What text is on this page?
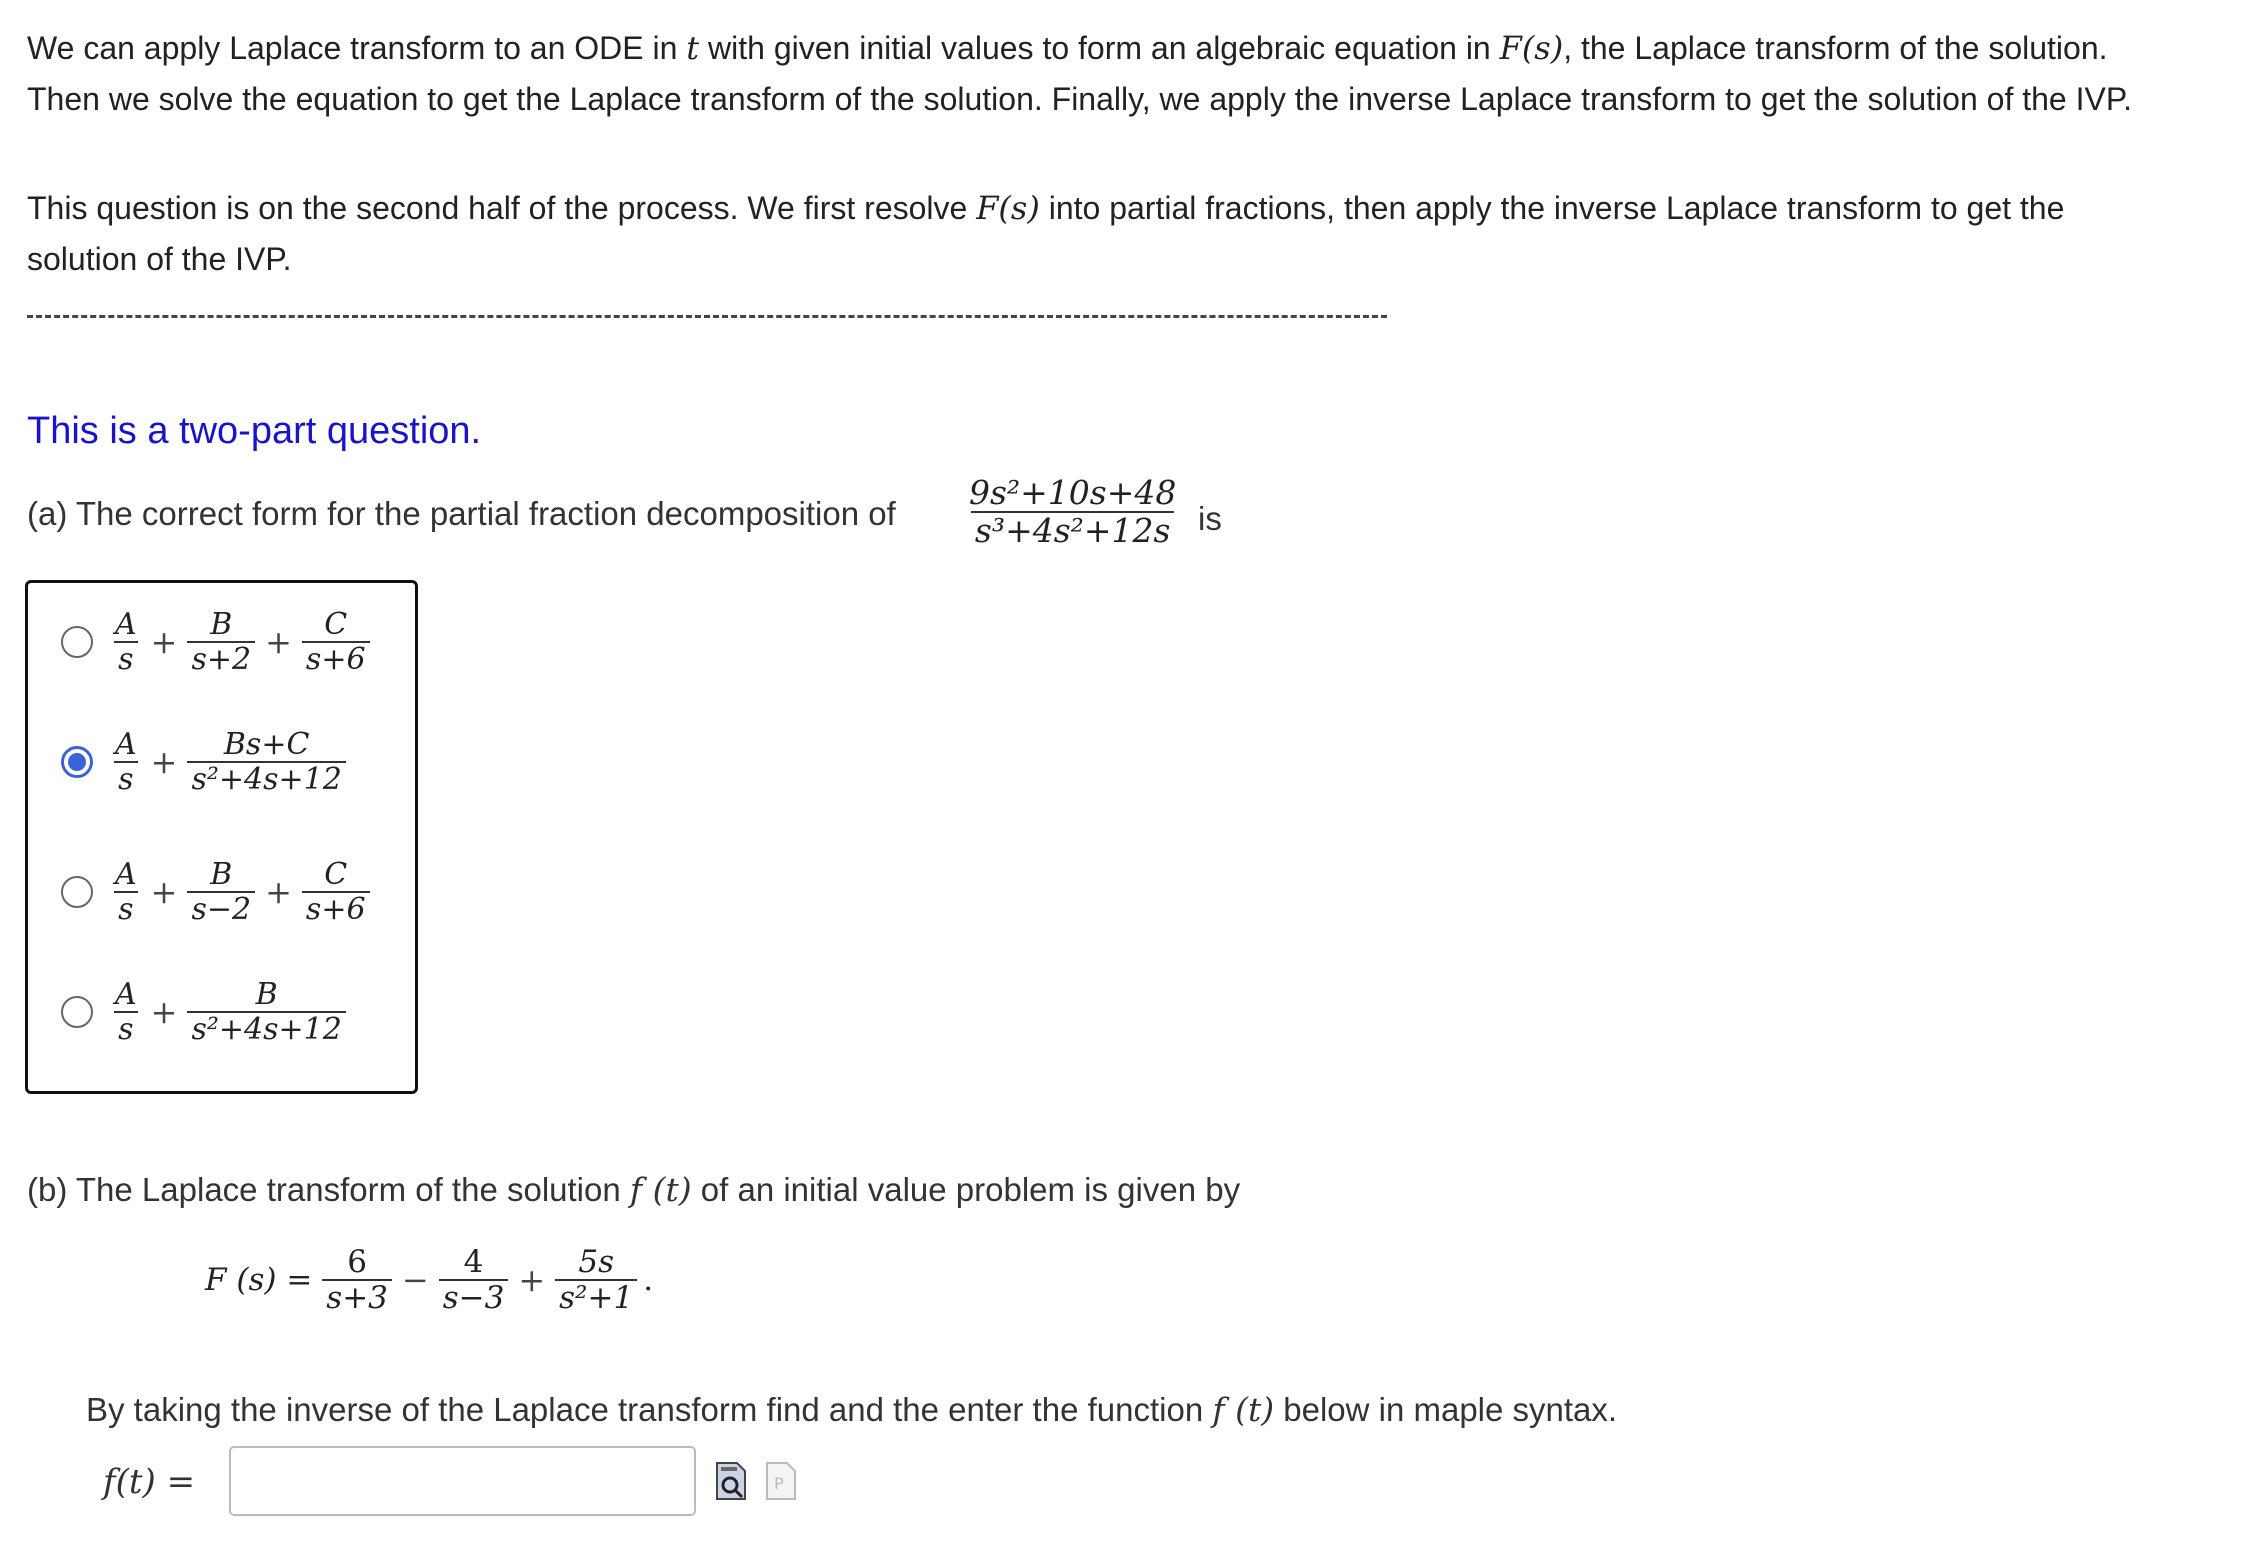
We can apply Laplace transform to an ODE in t with given initial values to form an algebraic equation in F(s), the Laplace transform of the solution. Then we solve the equation to get the Laplace transform of the solution. Finally, we apply the inverse Laplace transform to get the solution of the IVP.

This question is on the second half of the process. We first resolve F(s) into partial fractions, then apply the inverse Laplace transform to get the solution of the IVP.

This is a two-part question.
(a) The correct form for the partial fraction decomposition of $\frac{\text{9s²+10s+48}}{\text{s³+4s²+12s}}$ is
$\frac{A}{s} + \frac{B}{s+2} + \frac{C}{s+6}$
$\frac{A}{s} + \frac{Bs+C}{\text{s²+4s+12}}$
$\frac{A}{s} + \frac{B}{s-2} + \frac{C}{s+6}$
$\frac{A}{s} + \frac{B}{\text{s²+4s+12}}$
(b) The Laplace transform of the solution f (t) of an initial value problem is given by
F $(s) = \frac{6}{s+3} - \frac{4}{s-3} + \frac{5s}{\text{s²+1}}$ .
By taking the inverse of the Laplace transform find and the enter the function f (t) below in maple syntax.
f(t) =	P
